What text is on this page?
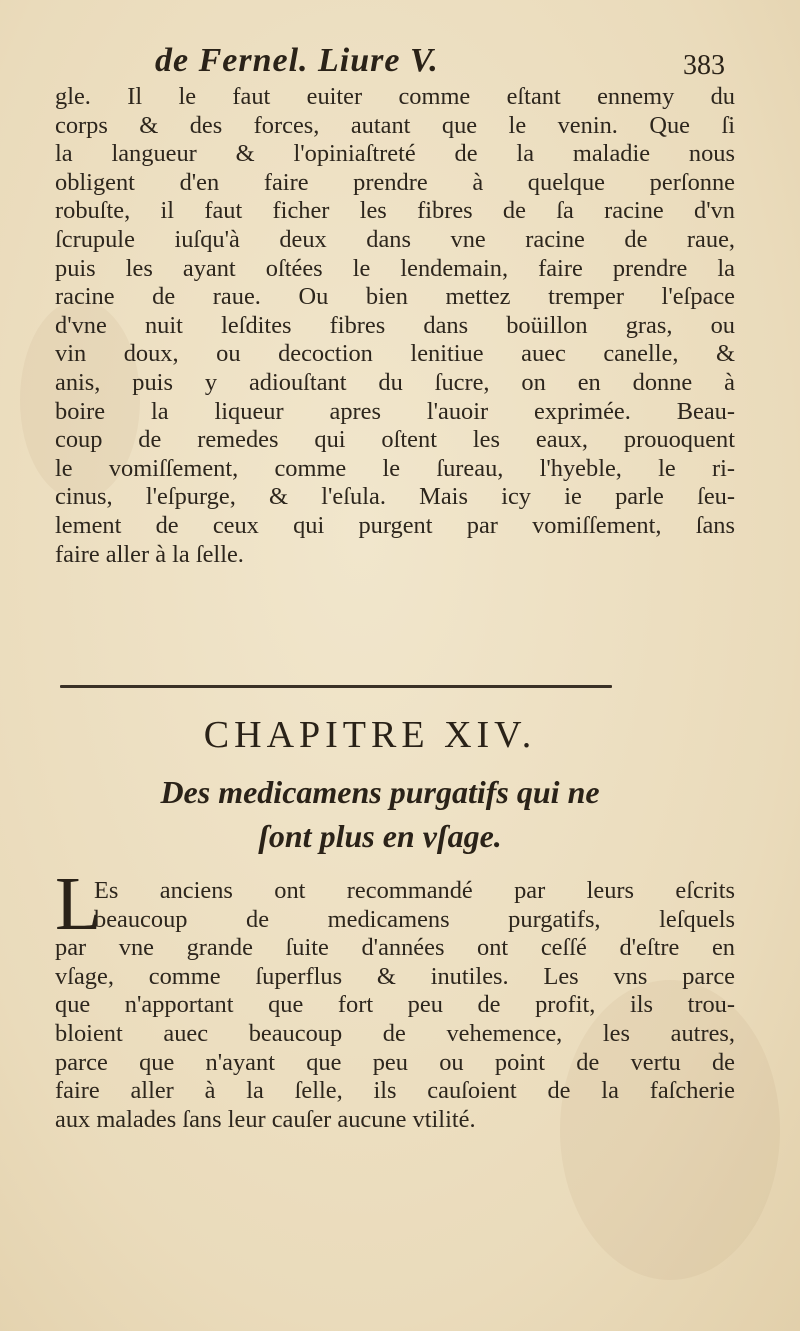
de Fernel. Liure V.	383
gle. Il le faut euiter comme eſtant ennemy du
corps & des forces, autant que le venin. Que ſi
la langueur & l'opiniaſtreté de la maladie nous
obligent d'en faire prendre à quelque perſonne
robuſte, il faut ficher les fibres de ſa racine d'vn
ſcrupule iuſqu'à deux dans vne racine de raue,
puis les ayant oſtées le lendemain, faire prendre la
racine de raue. Ou bien mettez tremper l'eſpace
d'vne nuit leſdites fibres dans boüillon gras, ou
vin doux, ou decoction lenitiue auec canelle, &
anis, puis y adiouſtant du ſucre, on en donne à
boire la liqueur apres l'auoir exprimée. Beau-
coup de remedes qui oſtent les eaux, prouoquent
le vomiſſement, comme le ſureau, l'hyeble, le ri-
cinus, l'eſpurge, & l'eſula. Mais icy ie parle ſeu-
lement de ceux qui purgent par vomiſſement, ſans
faire aller à la ſelle.
CHAPITRE XIV.
Des medicamens purgatifs qui ne
ſont plus en vſage.
L
Es anciens ont recommandé par leurs eſcrits
beaucoup de medicamens purgatifs, leſquels
par vne grande ſuite d'années ont ceſſé d'eſtre en
vſage, comme ſuperflus & inutiles. Les vns parce
que n'apportant que fort peu de profit, ils trou-
bloient auec beaucoup de vehemence, les autres,
parce que n'ayant que peu ou point de vertu de
faire aller à la ſelle, ils cauſoient de la faſcherie
aux malades ſans leur cauſer aucune vtilité.
